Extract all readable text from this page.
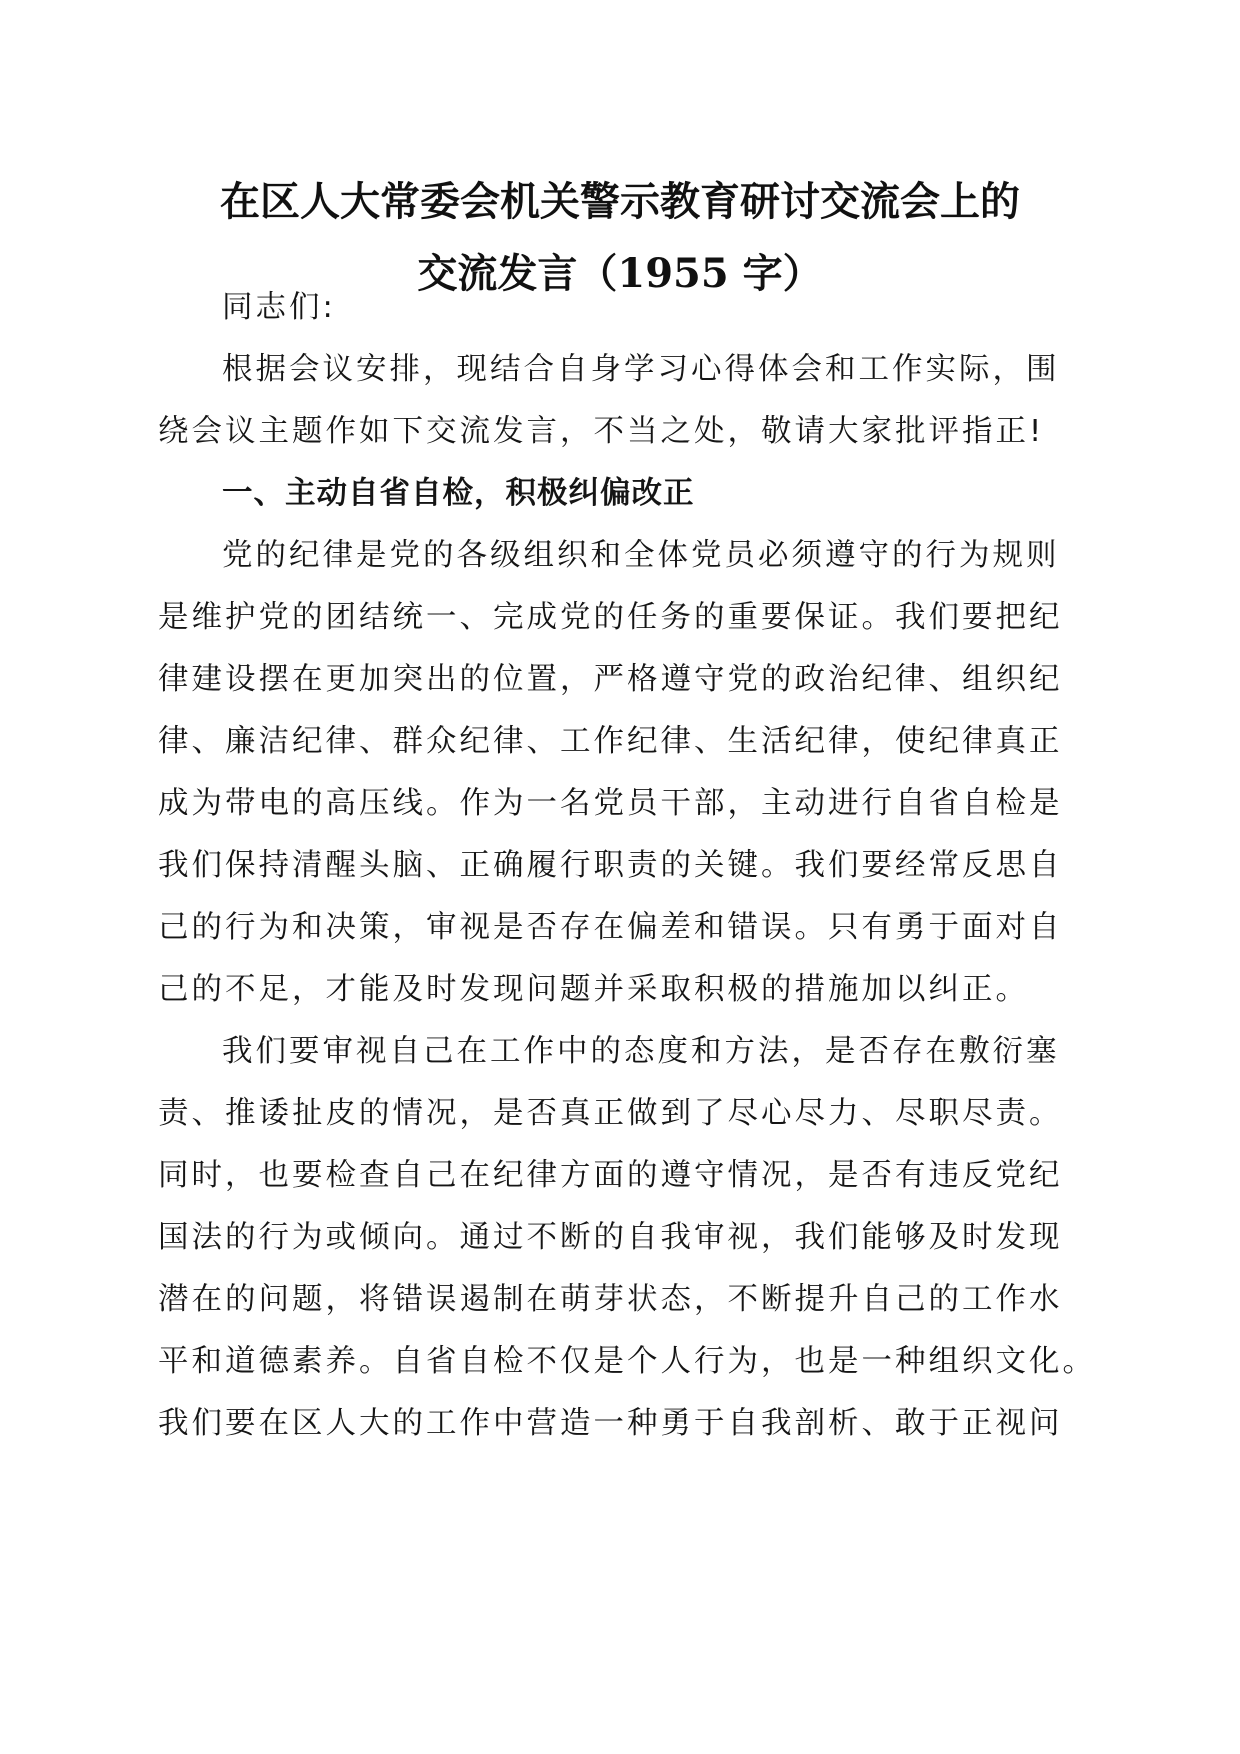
在区人大常委会机关警示教育研讨交流会上的
交流发言（1955 字）

同志们:

根据会议安排，现结合自身学习心得体会和工作实际，围

绕会议主题作如下交流发言，不当之处，敬请大家批评指正!

一、主动自省自检，积极纠偏改正

党的纪律是党的各级组织和全体党员必须遵守的行为规则

是维护党的团结统一、完成党的任务的重要保证。我们要把纪

律建设摆在更加突出的位置，严格遵守党的政治纪律、组织纪

律、廉洁纪律、群众纪律、工作纪律、生活纪律，使纪律真正

成为带电的高压线。作为一名党员干部，主动进行自省自检是

我们保持清醒头脑、正确履行职责的关键。我们要经常反思自

己的行为和决策，审视是否存在偏差和错误。只有勇于面对自

己的不足，才能及时发现问题并采取积极的措施加以纠正。

我们要审视自己在工作中的态度和方法，是否存在敷衍塞

责、推诿扯皮的情况，是否真正做到了尽心尽力、尽职尽责。

同时，也要检查自己在纪律方面的遵守情况，是否有违反党纪

国法的行为或倾向。通过不断的自我审视，我们能够及时发现

潜在的问题，将错误遏制在萌芽状态，不断提升自己的工作水

平和道德素养。自省自检不仅是个人行为，也是一种组织文化。

我们要在区人大的工作中营造一种勇于自我剖析、敢于正视问
